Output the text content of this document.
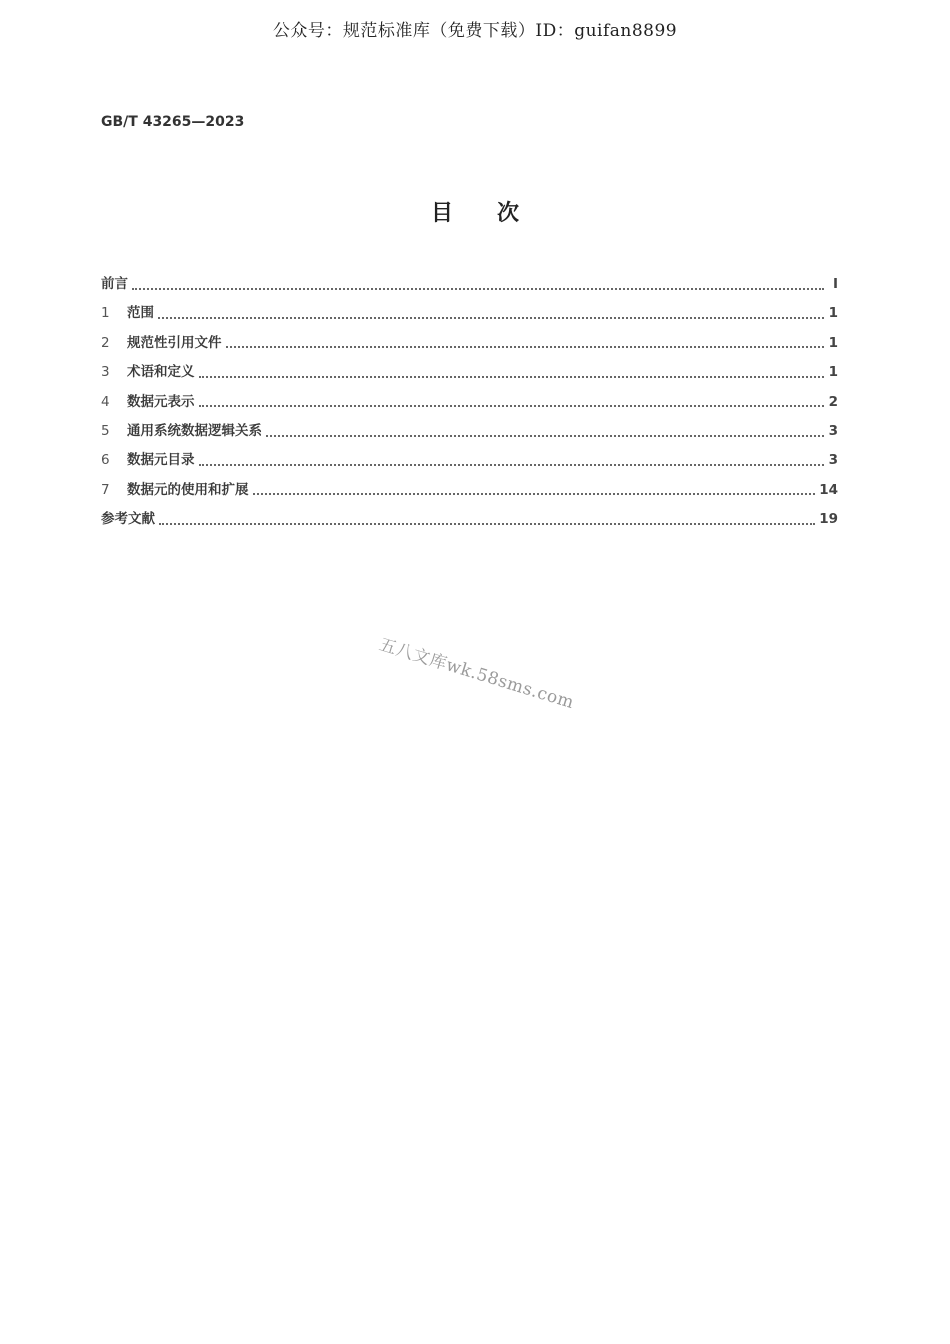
公众号：规范标准库（免费下载）ID：guifan8899
GB/T 43265—2023
目次
前言	Ⅰ
1	范围	1
2	规范性引用文件	1
3	术语和定义	1
4	数据元表示	2
5	通用系统数据逻辑关系	3
6	数据元目录	3
7	数据元的使用和扩展	14
参考文献	19
五八文库wk.58sms.com
